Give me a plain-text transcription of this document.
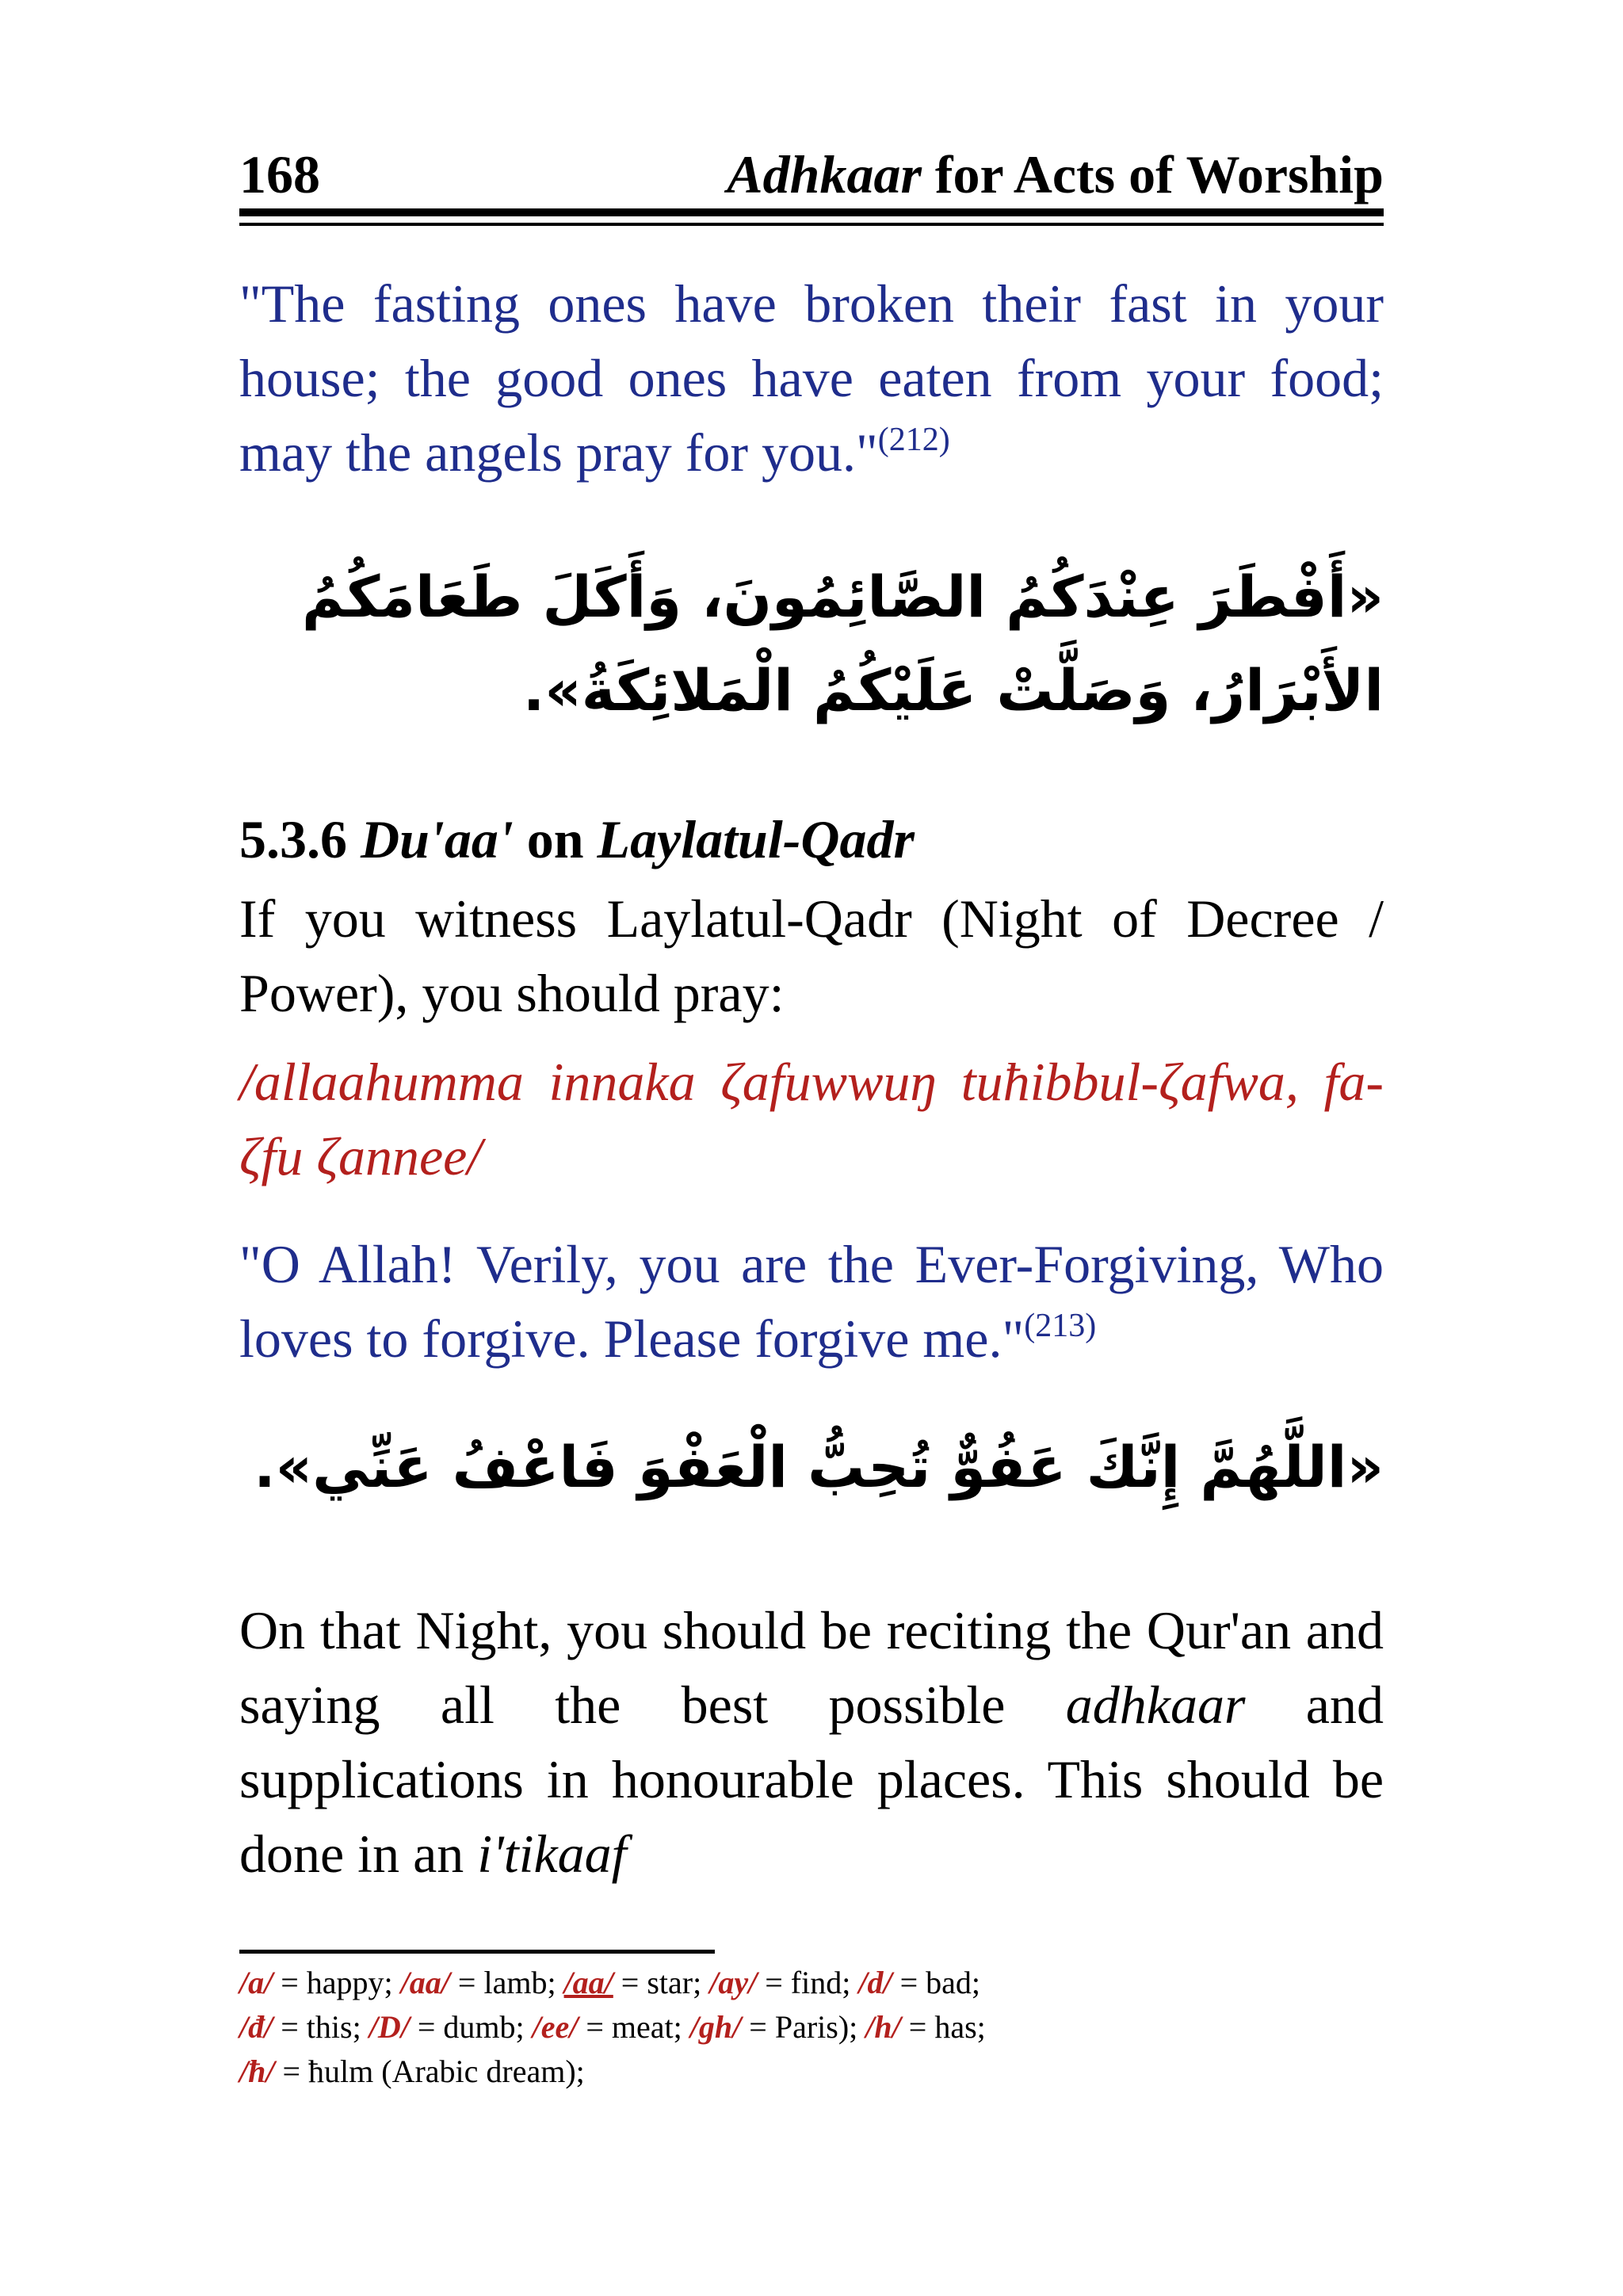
168	Adhkaar for Acts of Worship
"The fasting ones have broken their fast in your house; the good ones have eaten from your food; may the angels pray for you."$^{(212)}$
«أَفْطَرَ عِنْدَكُمُ الصَّائِمُونَ، وَأَكَلَ طَعَامَكُمُ الأَبْرَارُ، وَصَلَّتْ عَلَيْكُمُ الْمَلائِكَةُ».
5.3.6 Du'aa' on Laylatul-Qadr
If you witness Laylatul-Qadr (Night of Decree / Power), you should pray:
/allaahumma innaka ζafuwwuŋ tuħibbul-ζafwa, fa-ζfu ζannee/
"O Allah! Verily, you are the Ever-Forgiving, Who loves to forgive. Please forgive me."$^{(213)}$
«اللَّهُمَّ إِنَّكَ عَفُوٌّ تُحِبُّ الْعَفْوَ فَاعْفُ عَنِّي».
On that Night, you should be reciting the Qur'an and saying all the best possible adhkaar and supplications in honourable places. This should be done in an i'tikaaf
/a/ = happy; /aa/ = lamb; /aa/ = star; /ay/ = find; /d/ = bad;
/đ/ = this; /D/ = dumb; /ee/ = meat; /gh/ = Paris); /h/ = has;
/ħ/ = ħulm (Arabic dream);
